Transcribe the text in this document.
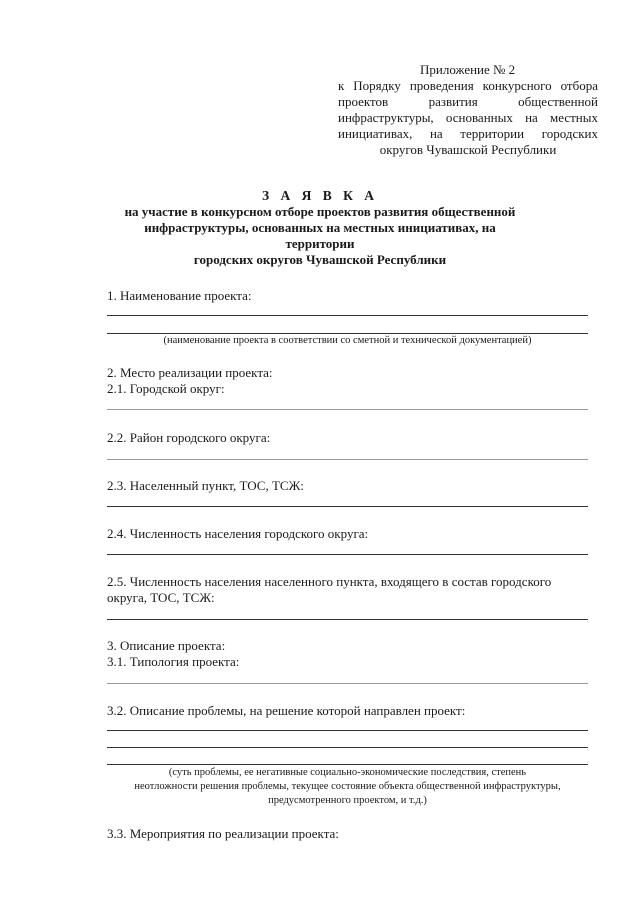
Приложение № 2
к Порядку проведения конкурсного отбора проектов развития общественной инфраструктуры, основанных на местных инициативах, на территории городских округов Чувашской Республики
З А Я В К А
на участие в конкурсном отборе проектов развития общественной
инфраструктуры, основанных на местных инициативах, на территории
городских округов Чувашской Республики
1. Наименование проекта:
(наименование проекта в соответствии со сметной и технической документацией)
2. Место реализации проекта:
2.1. Городской округ:
2.2. Район городского округа:
2.3. Населенный пункт, ТОС, ТСЖ:
2.4. Численность населения городского округа:
2.5. Численность населения населенного пункта, входящего в состав городского
округа, ТОС, ТСЖ:
3. Описание проекта:
3.1. Типология проекта:
3.2. Описание проблемы, на решение которой направлен проект:
(суть проблемы, ее негативные социально-экономические последствия, степень
неотложности решения проблемы, текущее состояние объекта общественной инфраструктуры,
предусмотренного проектом, и т.д.)
3.3. Мероприятия по реализации проекта:
